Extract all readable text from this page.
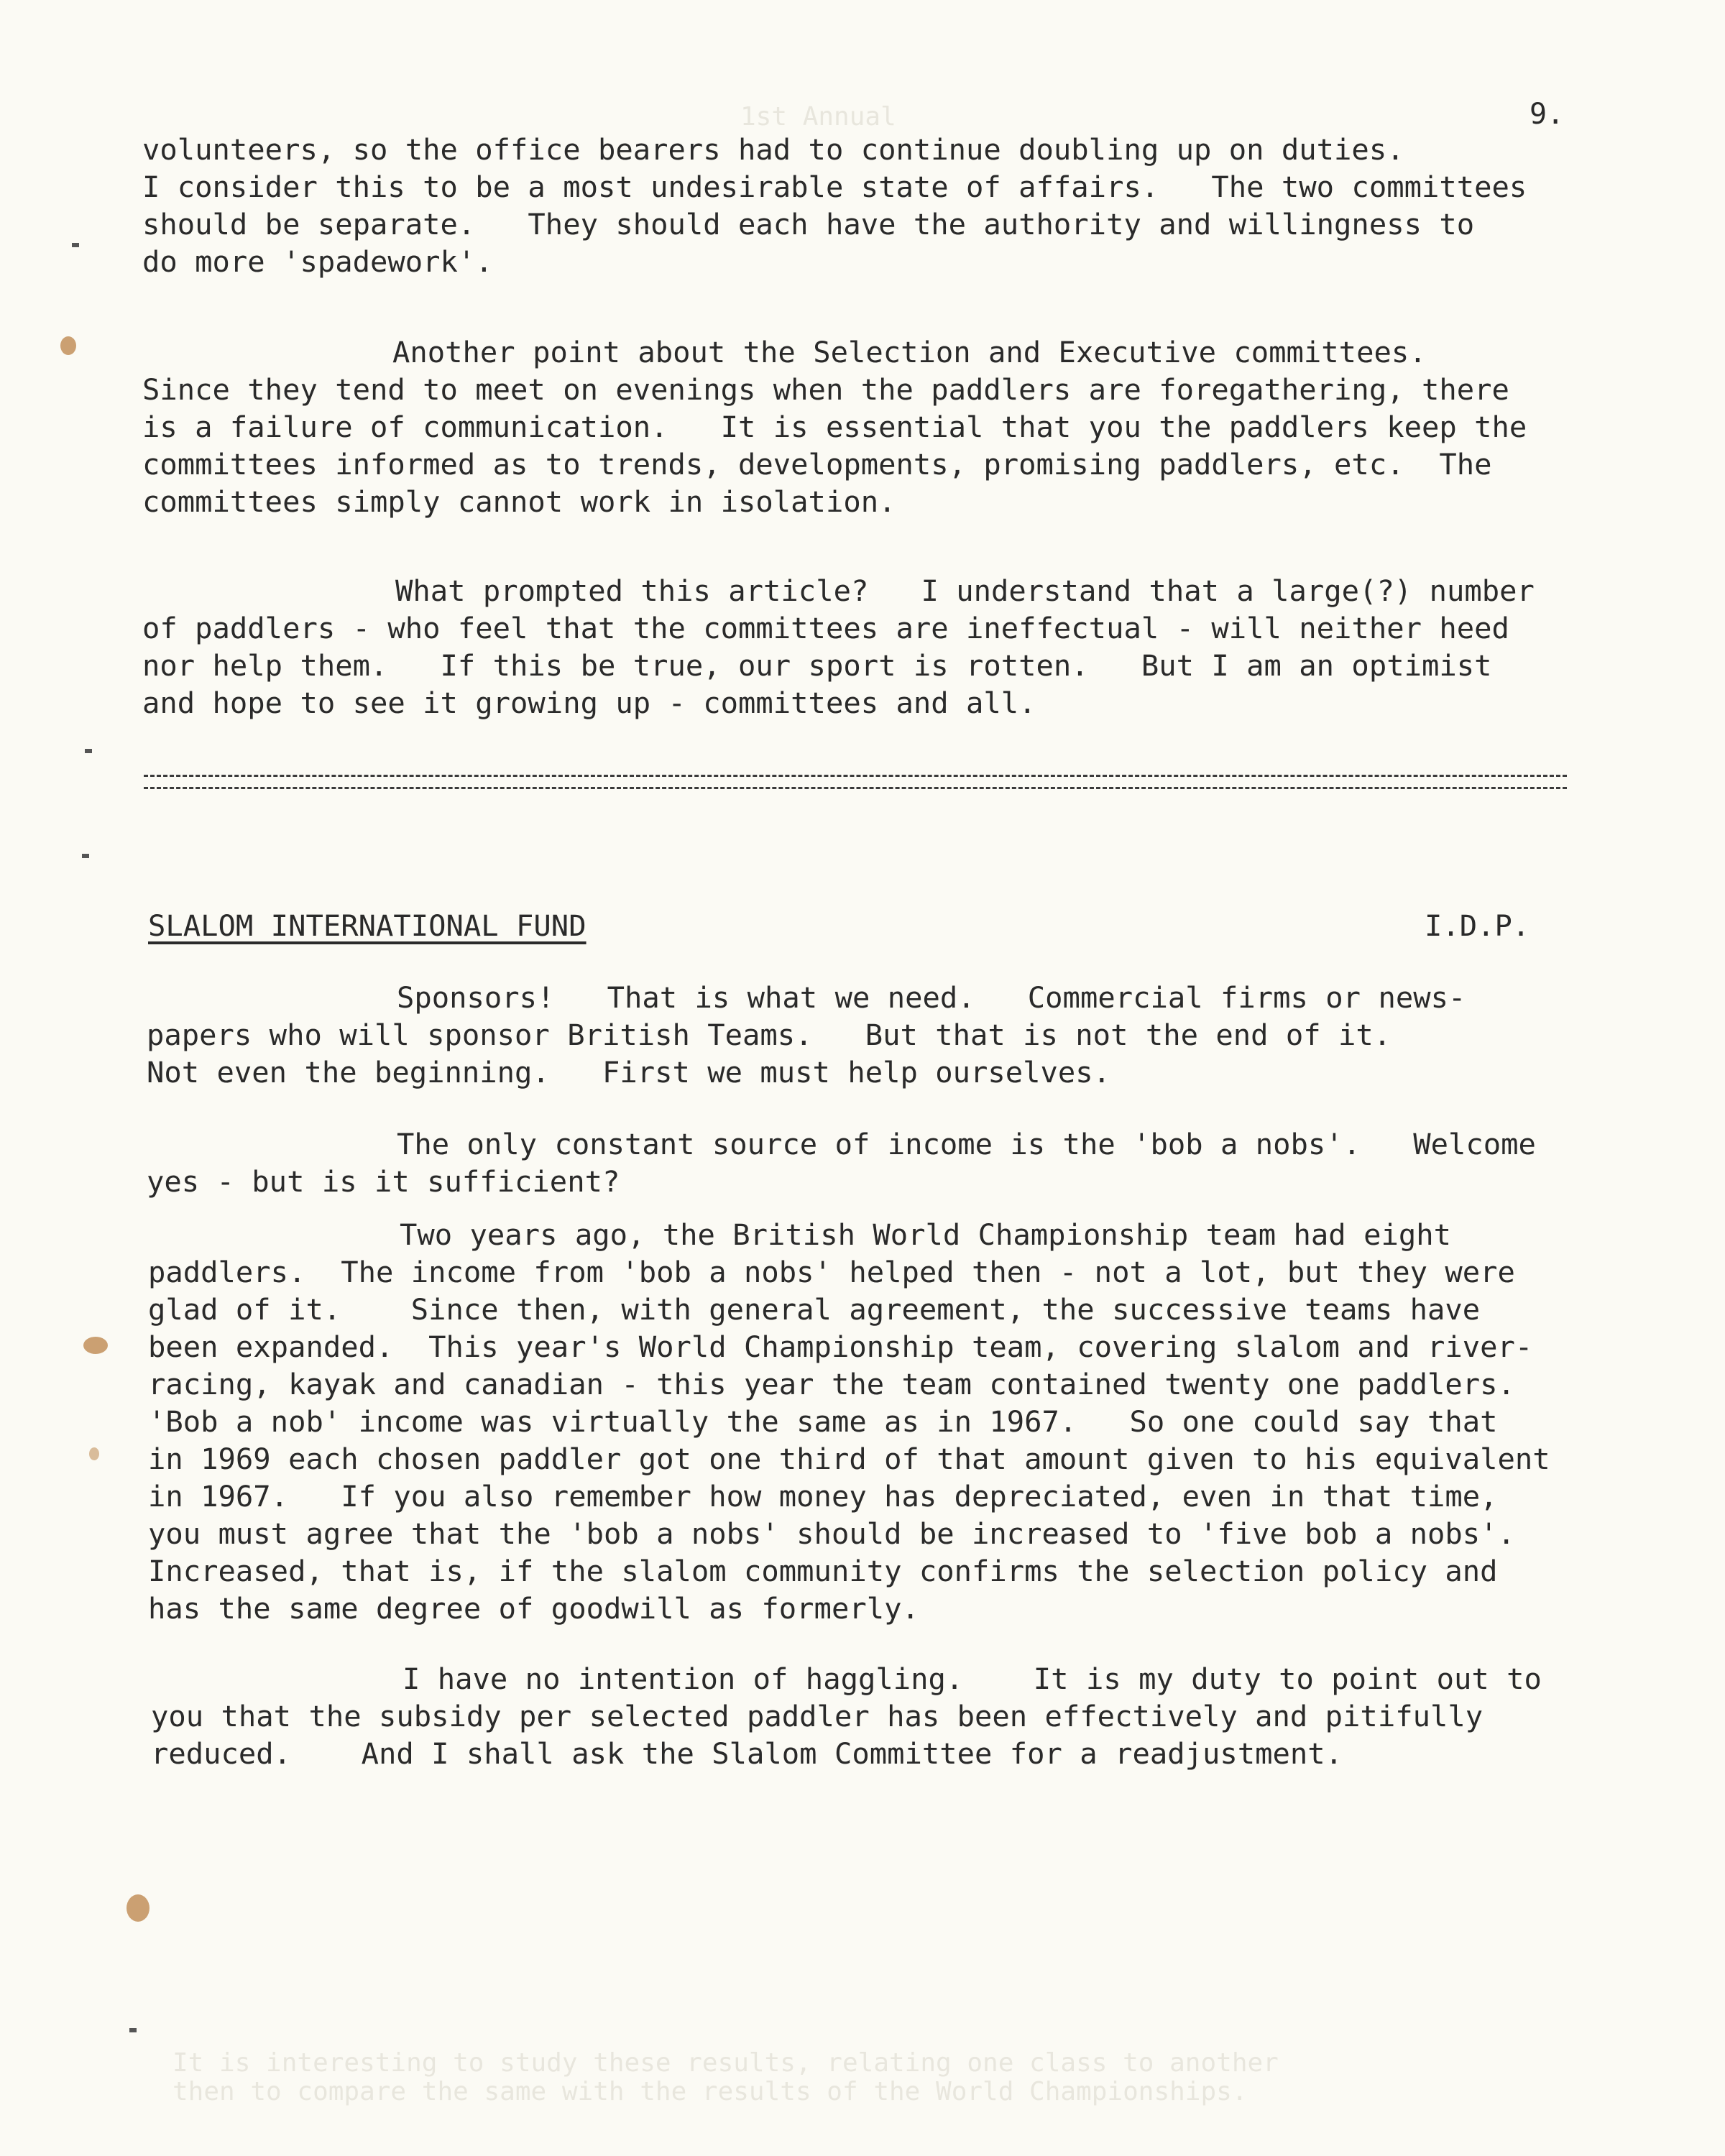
1st Annual
It is interesting to study these results, relating one class to another
then to compare the same with the results of the World Championships.
9.
volunteers, so the office bearers had to continue doubling up on duties.
I consider this to be a most undesirable state of affairs.   The two committees
should be separate.   They should each have the authority and willingness to
do more 'spadework'.
Another point about the Selection and Executive committees.
Since they tend to meet on evenings when the paddlers are foregathering, there
is a failure of communication.   It is essential that you the paddlers keep the
committees informed as to trends, developments, promising paddlers, etc.  The
committees simply cannot work in isolation.
What prompted this article?   I understand that a large(?) number
of paddlers - who feel that the committees are ineffectual - will neither heed
nor help them.   If this be true, our sport is rotten.   But I am an optimist
and hope to see it growing up - committees and all.
SLALOM INTERNATIONAL FUND	I.D.P.
Sponsors!   That is what we need.   Commercial firms or news-
papers who will sponsor British Teams.   But that is not the end of it.
Not even the beginning.   First we must help ourselves.
The only constant source of income is the 'bob a nobs'.   Welcome
yes - but is it sufficient?
Two years ago, the British World Championship team had eight
paddlers.  The income from 'bob a nobs' helped then - not a lot, but they were
glad of it.    Since then, with general agreement, the successive teams have
been expanded.  This year's World Championship team, covering slalom and river-
racing, kayak and canadian - this year the team contained twenty one paddlers.
'Bob a nob' income was virtually the same as in 1967.   So one could say that
in 1969 each chosen paddler got one third of that amount given to his equivalent
in 1967.   If you also remember how money has depreciated, even in that time,
you must agree that the 'bob a nobs' should be increased to 'five bob a nobs'.
Increased, that is, if the slalom community confirms the selection policy and
has the same degree of goodwill as formerly.
I have no intention of haggling.    It is my duty to point out to
you that the subsidy per selected paddler has been effectively and pitifully
reduced.    And I shall ask the Slalom Committee for a readjustment.
